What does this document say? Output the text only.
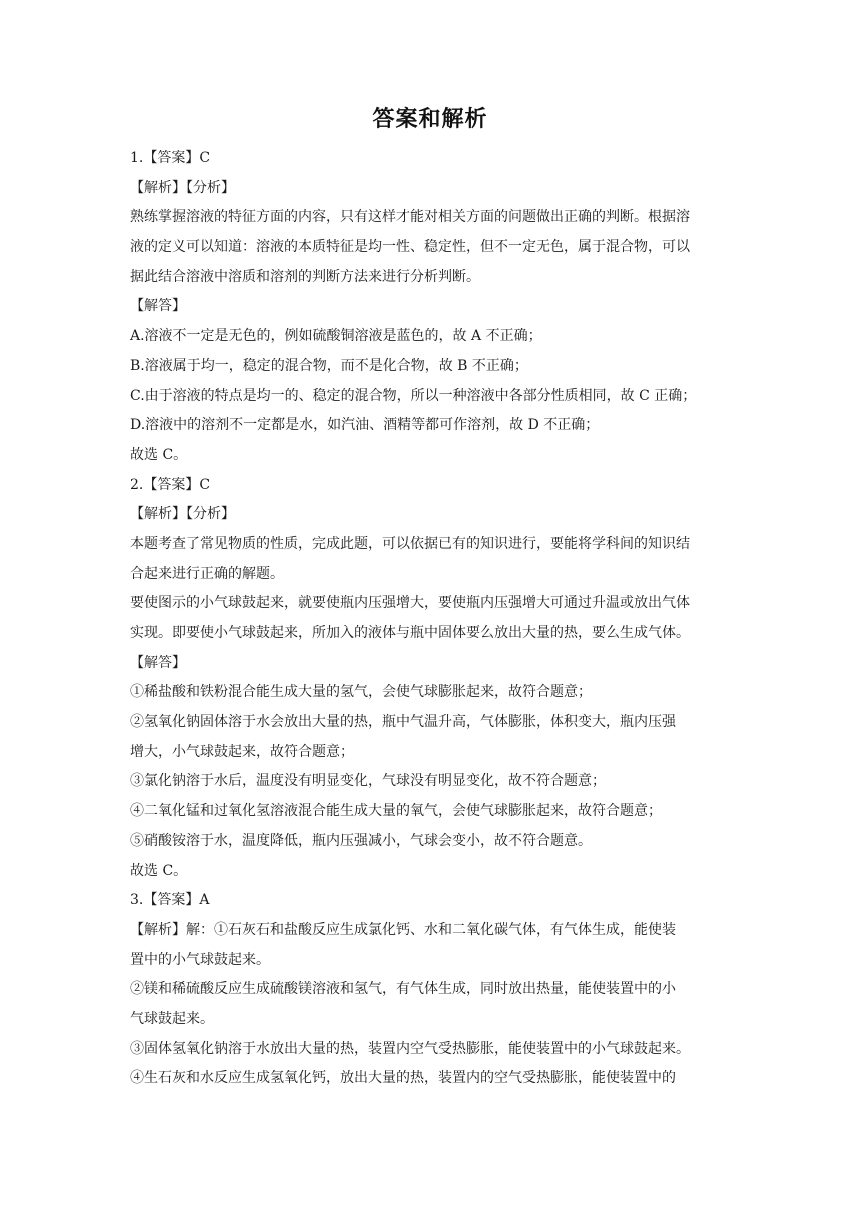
答案和解析
1.【答案】C
【解析】【分析】
熟练掌握溶液的特征方面的内容，只有这样才能对相关方面的问题做出正确的判断。根据溶
液的定义可以知道：溶液的本质特征是均一性、稳定性，但不一定无色，属于混合物，可以
据此结合溶液中溶质和溶剂的判断方法来进行分析判断。
【解答】
A.溶液不一定是无色的，例如硫酸铜溶液是蓝色的，故 A 不正确；
B.溶液属于均一，稳定的混合物，而不是化合物，故 B 不正确；
C.由于溶液的特点是均一的、稳定的混合物，所以一种溶液中各部分性质相同，故 C 正确；
D.溶液中的溶剂不一定都是水，如汽油、酒精等都可作溶剂，故 D 不正确；
故选 C。
2.【答案】C
【解析】【分析】
本题考查了常见物质的性质，完成此题，可以依据已有的知识进行，要能将学科间的知识结
合起来进行正确的解题。
要使图示的小气球鼓起来，就要使瓶内压强增大，要使瓶内压强增大可通过升温或放出气体
实现。即要使小气球鼓起来，所加入的液体与瓶中固体要么放出大量的热，要么生成气体。
【解答】
①稀盐酸和铁粉混合能生成大量的氢气，会使气球膨胀起来，故符合题意；
②氢氧化钠固体溶于水会放出大量的热，瓶中气温升高，气体膨胀，体积变大，瓶内压强
增大，小气球鼓起来，故符合题意；
③氯化钠溶于水后，温度没有明显变化，气球没有明显变化，故不符合题意；
④二氧化锰和过氧化氢溶液混合能生成大量的氧气，会使气球膨胀起来，故符合题意；
⑤硝酸铵溶于水，温度降低，瓶内压强减小，气球会变小，故不符合题意。
故选 C。
3.【答案】A
【解析】解：①石灰石和盐酸反应生成氯化钙、水和二氧化碳气体，有气体生成，能使装
置中的小气球鼓起来。
②镁和稀硫酸反应生成硫酸镁溶液和氢气，有气体生成，同时放出热量，能使装置中的小
气球鼓起来。
③固体氢氧化钠溶于水放出大量的热，装置内空气受热膨胀，能使装置中的小气球鼓起来。
④生石灰和水反应生成氢氧化钙，放出大量的热，装置内的空气受热膨胀，能使装置中的
